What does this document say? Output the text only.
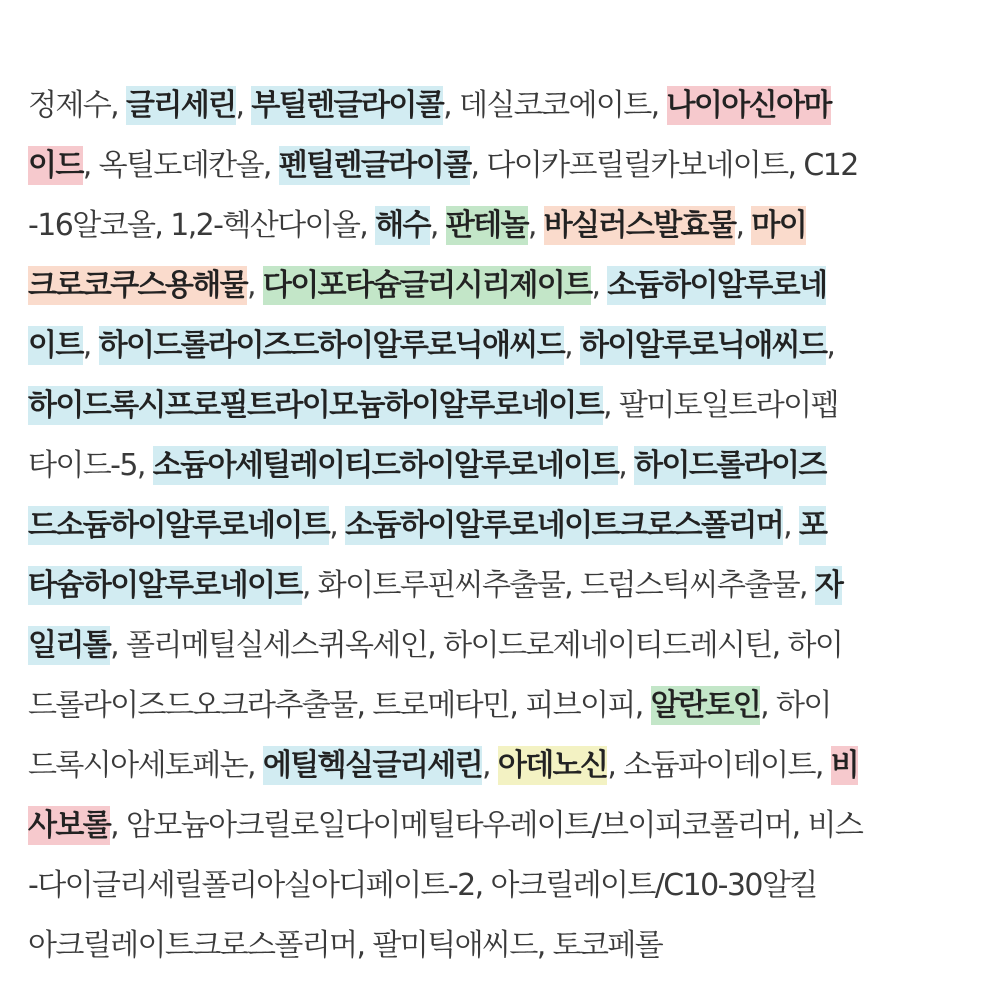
정제수, 글리세린, 부틸렌글라이콜, 데실코코에이트, 나이아신아마
이드, 옥틸도데칸올, 펜틸렌글라이콜, 다이카프릴릴카보네이트, C12
-16알코올, 1,2-헥산다이올, 해수, 판테놀, 바실러스발효물, 마이
크로코쿠스용해물, 다이포타슘글리시리제이트, 소듐하이알루로네
이트, 하이드롤라이즈드하이알루로닉애씨드, 하이알루로닉애씨드,
하이드록시프로필트라이모늄하이알루로네이트, 팔미토일트라이펩
타이드-5, 소듐아세틸레이티드하이알루로네이트, 하이드롤라이즈
드소듐하이알루로네이트, 소듐하이알루로네이트크로스폴리머, 포
타슘하이알루로네이트, 화이트루핀씨추출물, 드럼스틱씨추출물, 자
일리톨, 폴리메틸실세스퀴옥세인, 하이드로제네이티드레시틴, 하이
드롤라이즈드오크라추출물, 트로메타민, 피브이피, 알란토인, 하이
드록시아세토페논, 에틸헥실글리세린, 아데노신, 소듐파이테이트, 비
사보롤, 암모늄아크릴로일다이메틸타우레이트/브이피코폴리머, 비스
-다이글리세릴폴리아실아디페이트-2, 아크릴레이트/C10-30알킬
아크릴레이트크로스폴리머, 팔미틱애씨드, 토코페롤
